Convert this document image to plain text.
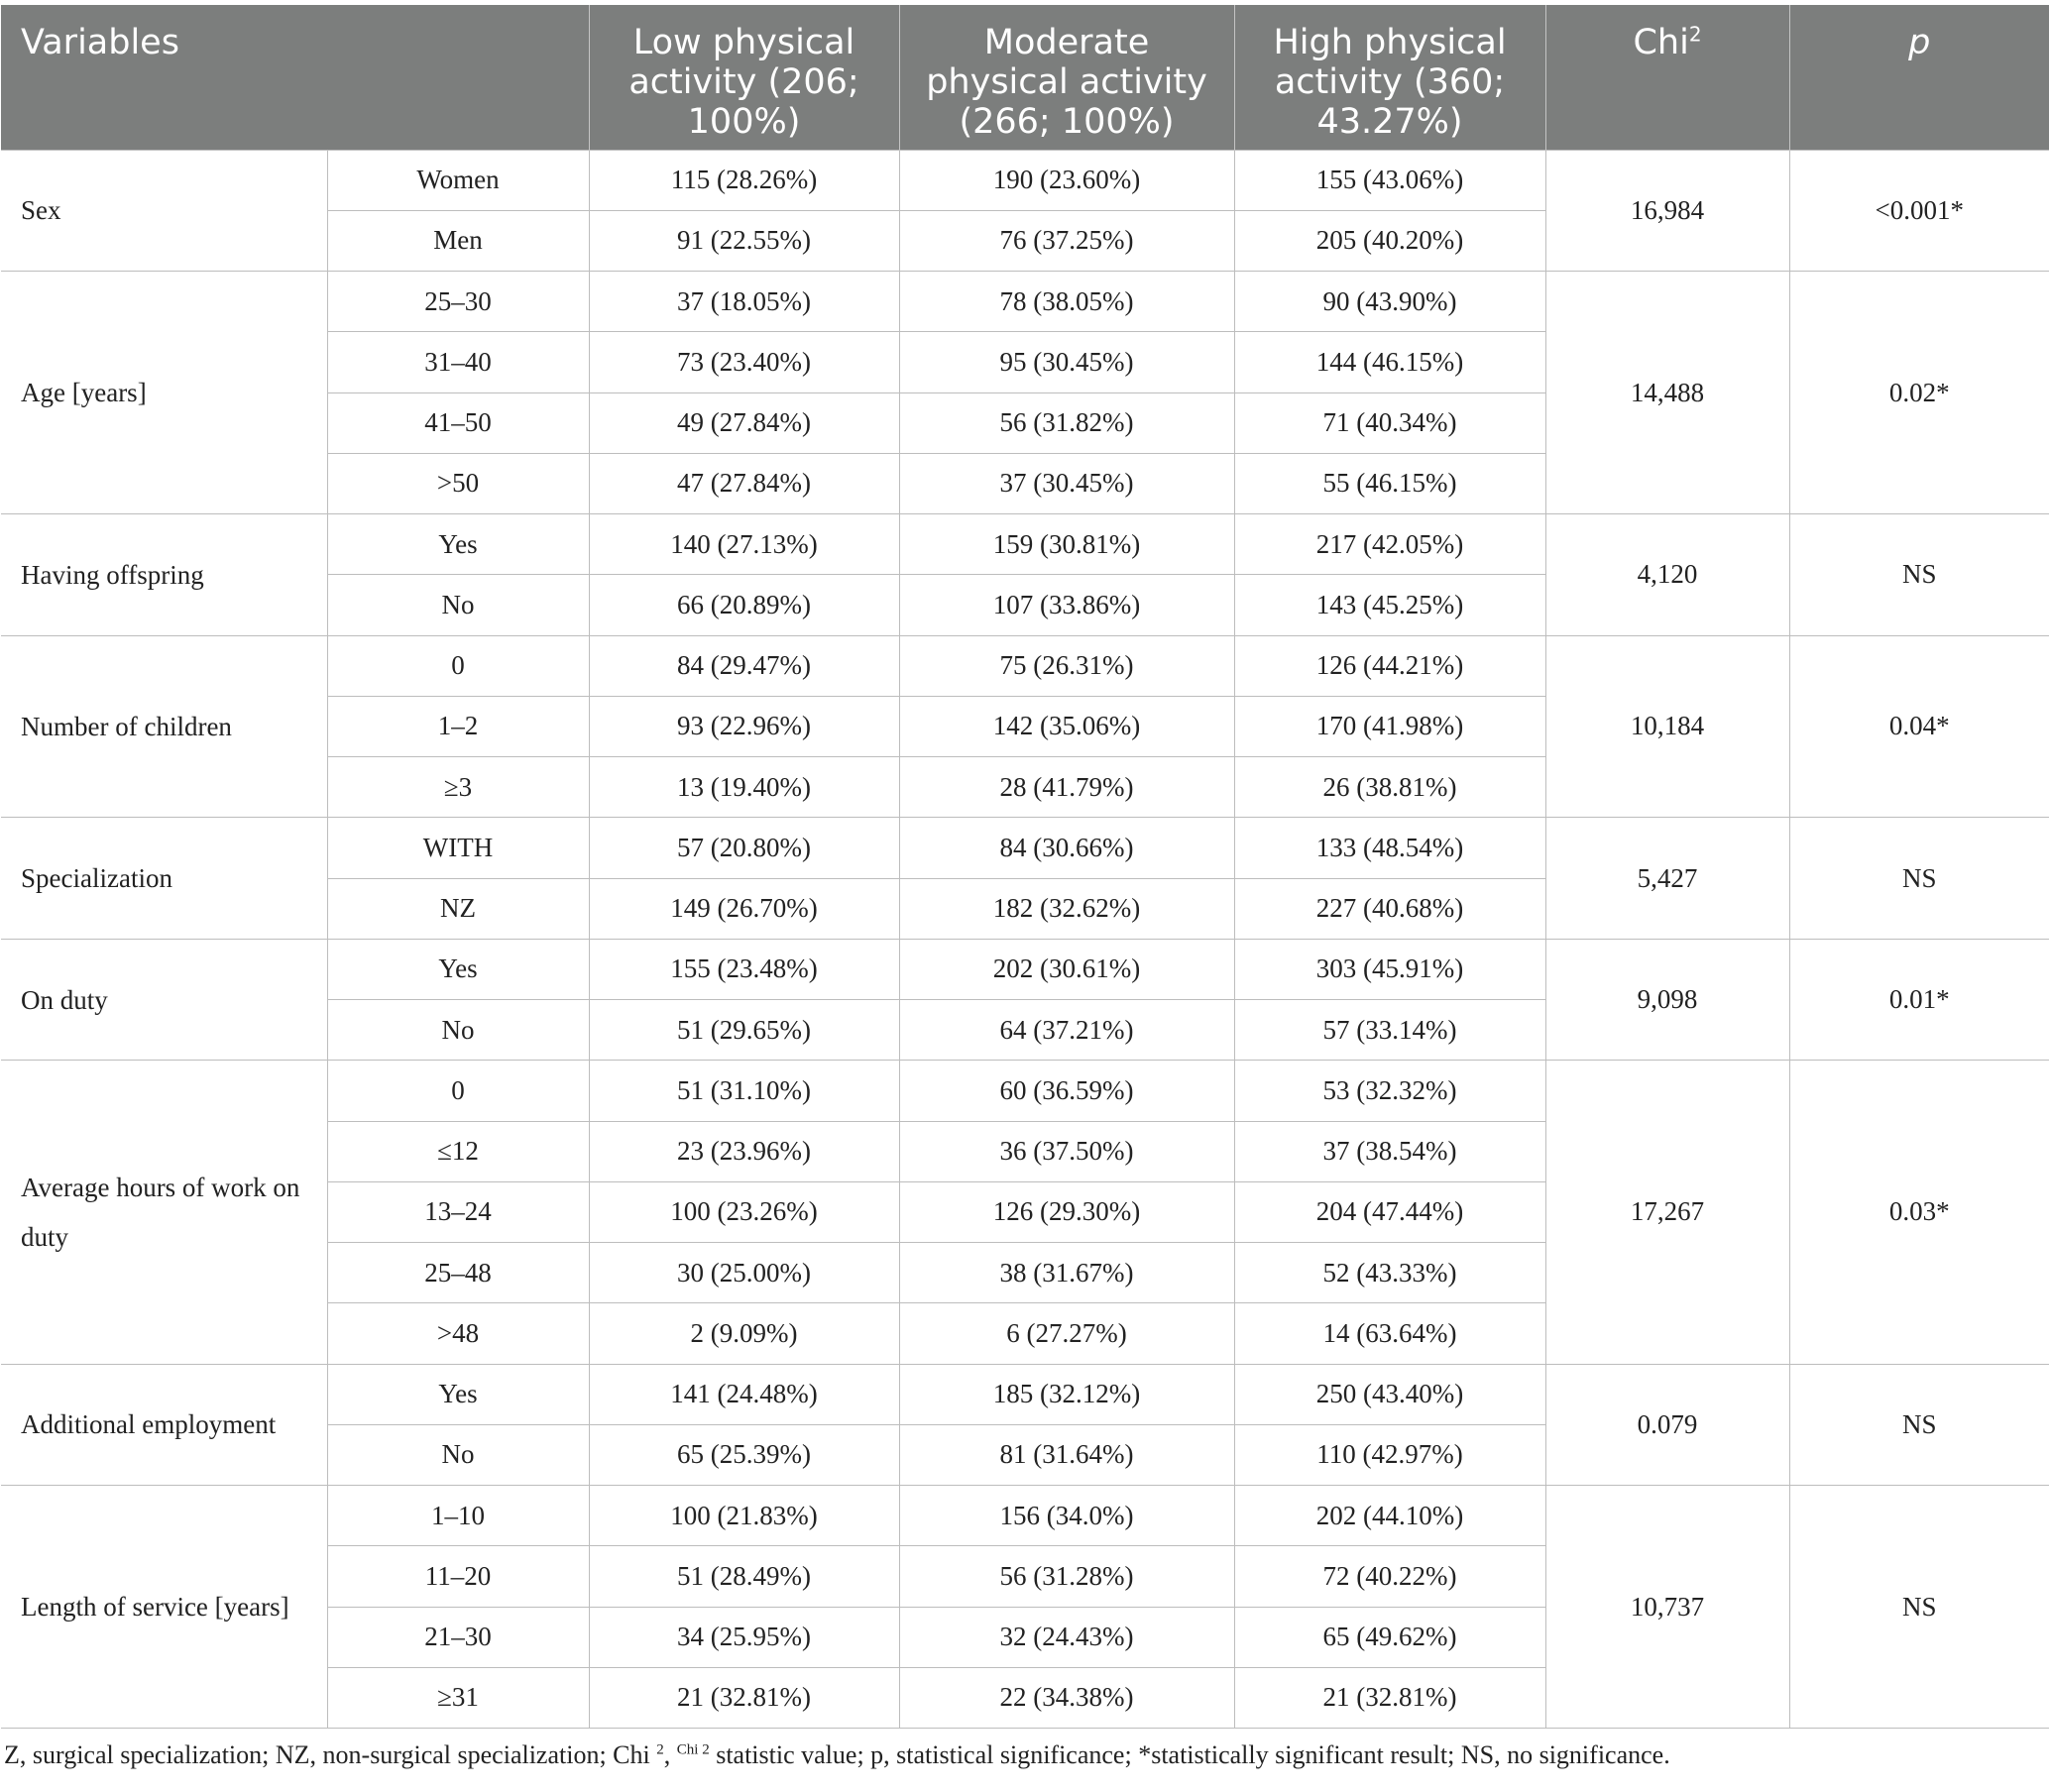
Variables		Low physical activity (206; 100%)	Moderate physical activity (266; 100%)	High physical activity (360; 43.27%)	Chi$^2$	p
Sex	Women	115 (28.26%)	190 (23.60%)	155 (43.06%)	16,984	<0.001*
	Men	91 (22.55%)	76 (37.25%)	205 (40.20%)		
Age [years]	25–30	37 (18.05%)	78 (38.05%)	90 (43.90%)	14,488	0.02*
	31–40	73 (23.40%)	95 (30.45%)	144 (46.15%)		
	41–50	49 (27.84%)	56 (31.82%)	71 (40.34%)		
	>50	47 (27.84%)	37 (30.45%)	55 (46.15%)		
Having offspring	Yes	140 (27.13%)	159 (30.81%)	217 (42.05%)	4,120	NS
	No	66 (20.89%)	107 (33.86%)	143 (45.25%)		
Number of children	0	84 (29.47%)	75 (26.31%)	126 (44.21%)	10,184	0.04*
	1–2	93 (22.96%)	142 (35.06%)	170 (41.98%)		
	≥3	13 (19.40%)	28 (41.79%)	26 (38.81%)		
Specialization	WITH	57 (20.80%)	84 (30.66%)	133 (48.54%)	5,427	NS
	NZ	149 (26.70%)	182 (32.62%)	227 (40.68%)		
On duty	Yes	155 (23.48%)	202 (30.61%)	303 (45.91%)	9,098	0.01*
	No	51 (29.65%)	64 (37.21%)	57 (33.14%)		
Average hours of work on duty	0	51 (31.10%)	60 (36.59%)	53 (32.32%)	17,267	0.03*
	≤12	23 (23.96%)	36 (37.50%)	37 (38.54%)		
	13–24	100 (23.26%)	126 (29.30%)	204 (47.44%)		
	25–48	30 (25.00%)	38 (31.67%)	52 (43.33%)		
	>48	2 (9.09%)	6 (27.27%)	14 (63.64%)		
Additional employment	Yes	141 (24.48%)	185 (32.12%)	250 (43.40%)	0.079	NS
	No	65 (25.39%)	81 (31.64%)	110 (42.97%)		
Length of service [years]	1–10	100 (21.83%)	156 (34.0%)	202 (44.10%)	10,737	NS
	11–20	51 (28.49%)	56 (31.28%)	72 (40.22%)		
	21–30	34 (25.95%)	32 (24.43%)	65 (49.62%)		
	≥31	21 (32.81%)	22 (34.38%)	21 (32.81%)		
Z, surgical specialization; NZ, non-surgical specialization; Chi $^2$, $^{Chi 2}$ statistic value; p, statistical significance; *statistically significant result; NS, no significance.
